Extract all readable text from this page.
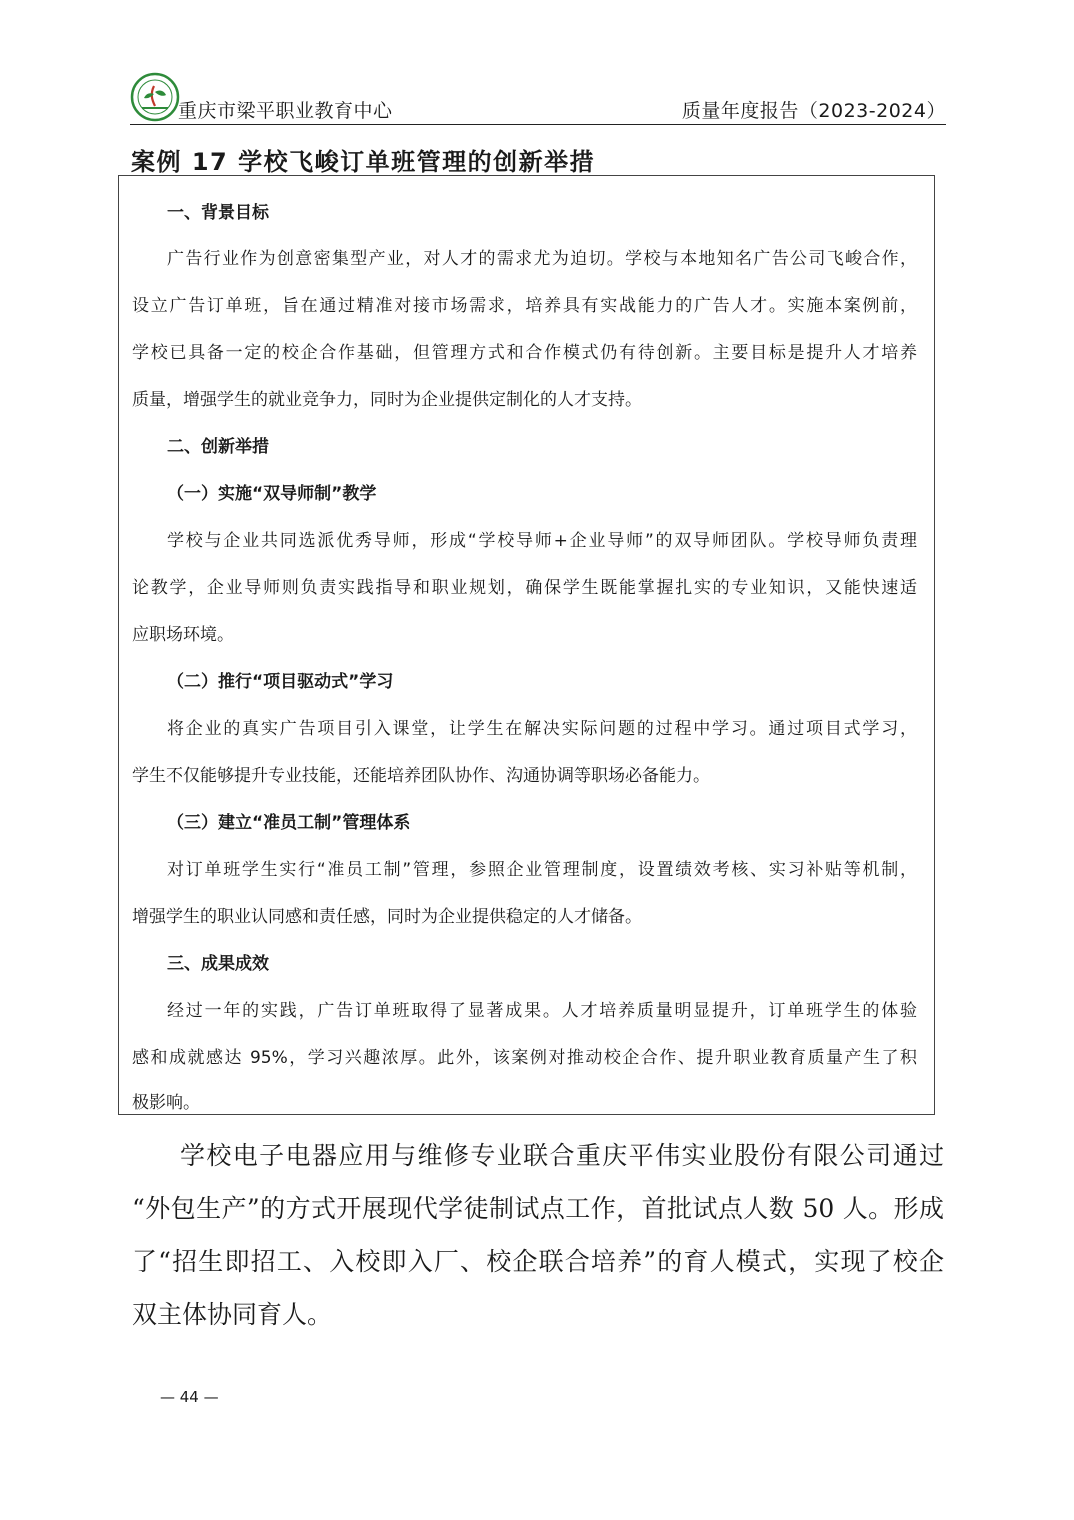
重庆市梁平职业教育中心	质量年度报告（2023-2024）
案例 17 学校飞峻订单班管理的创新举措
一、背景目标
广告行业作为创意密集型产业，对人才的需求尤为迫切。学校与本地知名广告公司飞峻合作，
设立广告订单班，旨在通过精准对接市场需求，培养具有实战能力的广告人才。实施本案例前，
学校已具备一定的校企合作基础，但管理方式和合作模式仍有待创新。主要目标是提升人才培养
质量，增强学生的就业竞争力，同时为企业提供定制化的人才支持。
二、创新举措
（一）实施“双导师制”教学
学校与企业共同选派优秀导师，形成“学校导师+企业导师”的双导师团队。学校导师负责理
论教学，企业导师则负责实践指导和职业规划，确保学生既能掌握扎实的专业知识，又能快速适
应职场环境。
（二）推行“项目驱动式”学习
将企业的真实广告项目引入课堂，让学生在解决实际问题的过程中学习。通过项目式学习，
学生不仅能够提升专业技能，还能培养团队协作、沟通协调等职场必备能力。
（三）建立“准员工制”管理体系
对订单班学生实行“准员工制”管理，参照企业管理制度，设置绩效考核、实习补贴等机制，
增强学生的职业认同感和责任感，同时为企业提供稳定的人才储备。
三、成果成效
经过一年的实践，广告订单班取得了显著成果。人才培养质量明显提升，订单班学生的体验
感和成就感达 95%，学习兴趣浓厚。此外，该案例对推动校企合作、提升职业教育质量产生了积
极影响。
学校电子电器应用与维修专业联合重庆平伟实业股份有限公司通过
“外包生产”的方式开展现代学徒制试点工作，首批试点人数 50 人。形成
了“招生即招工、入校即入厂、校企联合培养”的育人模式，实现了校企
双主体协同育人。
— 44 —
